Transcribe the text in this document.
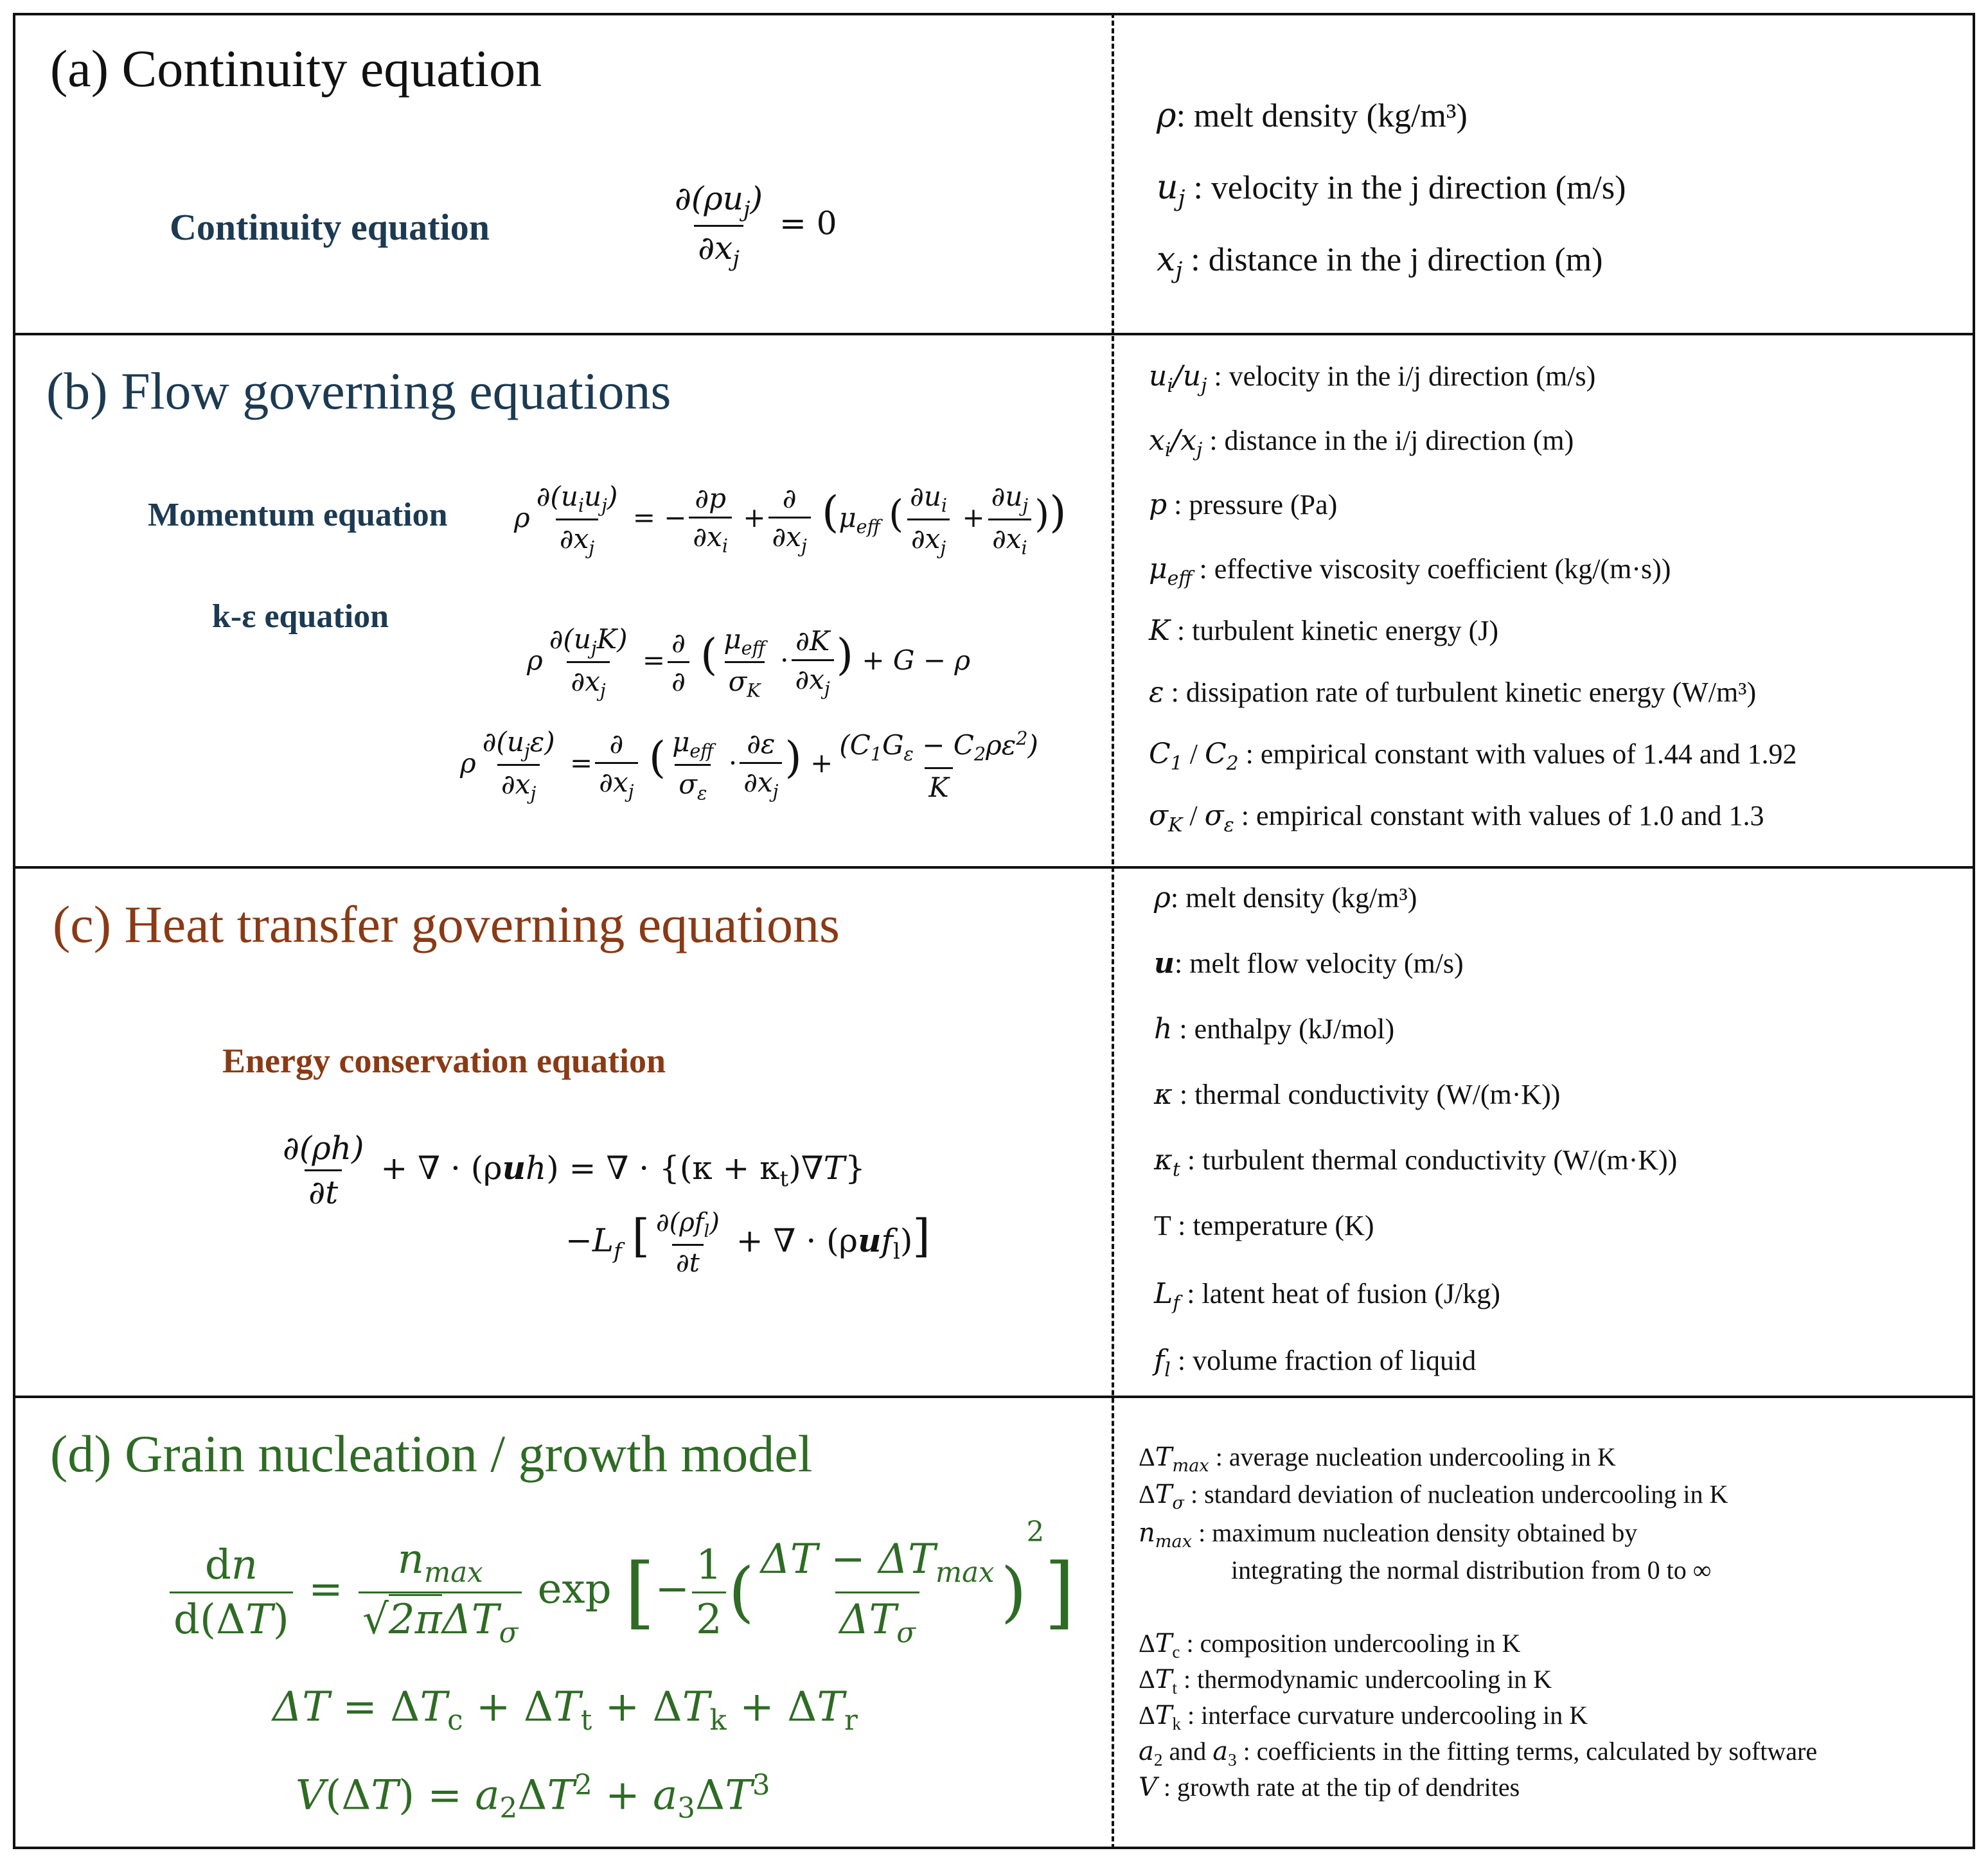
(a) Continuity equation
Continuity equation	$\frac{\partial(\rho u_j)}{\partial x_j} = 0$
ρ: melt density (kg/m³)
$u_j$ : velocity in the j direction (m/s)
$x_j$ : distance in the j direction (m)
(b) Flow governing equations
Momentum equation
k-ε equation
ρ $\frac{\partial(u_iu_j)}{\partial x_j}$ = − $\frac{\partial p}{\partial x_i} + \frac{\partial}{\partial x_j} (\mu_{eff}$ ( $\frac{\partial u_i}{\partial x_j} + \frac{\partial u_j}{\partial x_i}$ ))
ρ $\frac{\partial(u_jK)}{\partial x_j} = \frac{\partial}{\partial}$ ( $\frac{\mu_{eff}}{\sigma_K} \cdot \frac{\partial K}{\partial x_j}$ ) + G − ρ
ρ $\frac{\partial(u_j\varepsilon)}{\partial x_j} = \frac{\partial}{\partial x_j}$ ( $\frac{\mu_{eff}}{\sigma_\varepsilon} \cdot \frac{\partial\varepsilon}{\partial x_j}$ ) + $\frac{(C_1G_\varepsilon - C_2\rho\varepsilon^2)}{K}$
$u_i/u_j$ : velocity in the i/j direction (m/s)
$x_i/x_j$ : distance in the i/j direction (m)
p : pressure (Pa)
$\mu_{eff}$ : effective viscosity coefficient (kg/(m·s))
K : turbulent kinetic energy (J)
ε : dissipation rate of turbulent kinetic energy (W/m³)
$C_1 / C_2$ : empirical constant with values of 1.44 and 1.92
$\sigma_K / \sigma_\varepsilon$ : empirical constant with values of 1.0 and 1.3
(c) Heat transfer governing equations
Energy conservation equation
$\frac{\partial(\rho h)}{\partial t}$ + ∇ · (ρuh) = ∇ · $\{(\kappa + \kappa_t)\nabla T\}$
$-L_f$ [ $\frac{\partial(\rho f_l)}{\partial t}$ + ∇ · (ρuf$_l$)]
ρ: melt density (kg/m³)
u: melt flow velocity (m/s)
h : enthalpy (kJ/mol)
κ : thermal conductivity (W/(m·K))
$\kappa_t$ : turbulent thermal conductivity (W/(m·K))
T : temperature (K)
$L_f$ : latent heat of fusion (J/kg)
$f_l$ : volume fraction of liquid
(d) Grain nucleation / growth model
$\frac{dn}{d(\Delta T)} = \frac{n_{max}}{√2\pi\Delta T_\sigma}$ exp [− $\frac{1}{2}$ ( $\frac{\Delta T - \Delta T_{max}}{\Delta T_\sigma} )^2$]
$\Delta T = \Delta T_c + \Delta T_t + \Delta T_k + \Delta T_r$
$V(\Delta T) = a_2\Delta T^2 + a_3\Delta T^3$
$\Delta T_{max}$ : average nucleation undercooling in K
$\Delta T_\sigma$ : standard deviation of nucleation undercooling in K
$n_{max}$ : maximum nucleation density obtained by
integrating the normal distribution from 0 to ∞
$\Delta T_c$ : composition undercooling in K
$\Delta T_t$ : thermodynamic undercooling in K
$\Delta T_k$ : interface curvature undercooling in K
$a_2$ and $a_3$ : coefficients in the fitting terms, calculated by software
V : growth rate at the tip of dendrites
